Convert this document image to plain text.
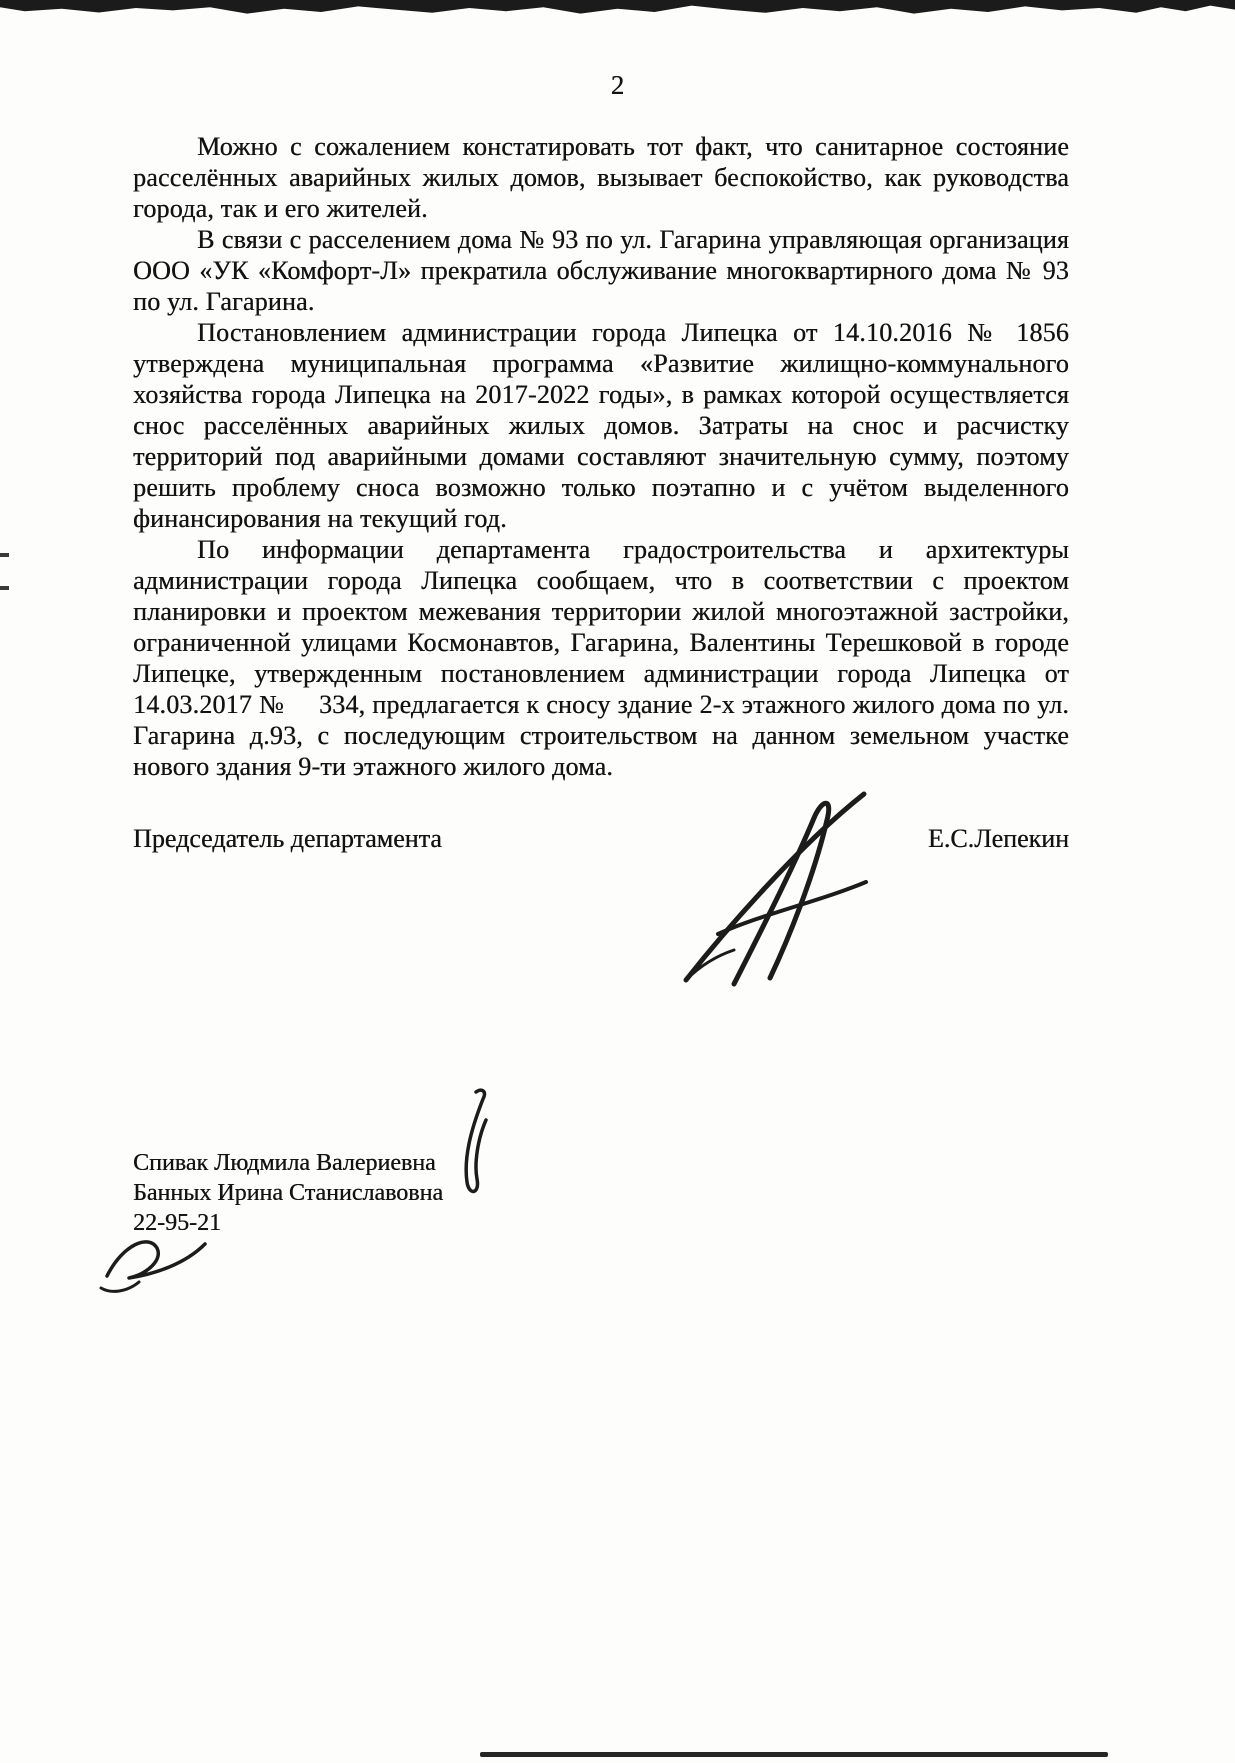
2

Можно с сожалением констатировать тот факт, что санитарное состояние расселённых аварийных жилых домов, вызывает беспокойство, как руководства города, так и его жителей.

В связи с расселением дома № 93 по ул. Гагарина управляющая организация ООО «УК «Комфорт-Л» прекратила обслуживание многоквартирного дома № 93 по ул. Гагарина.

Постановлением администрации города Липецка от 14.10.2016 № 1856 утверждена муниципальная программа «Развитие жилищно-коммунального хозяйства города Липецка на 2017-2022 годы», в рамках которой осуществляется снос расселённых аварийных жилых домов. Затраты на снос и расчистку территорий под аварийными домами составляют значительную сумму, поэтому решить проблему сноса возможно только поэтапно и с учётом выделенного финансирования на текущий год.

По информации департамента градостроительства и архитектуры администрации города Липецка сообщаем, что в соответствии с проектом планировки и проектом межевания территории жилой многоэтажной застройки, ограниченной улицами Космонавтов, Гагарина, Валентины Терешковой в городе Липецке, утвержденным постановлением администрации города Липецка от 14.03.2017 №     334, предлагается к сносу здание 2-х этажного жилого дома по ул. Гагарина д.93, с последующим строительством на данном земельном участке нового здания 9-ти этажного жилого дома.

Председатель департамента	Е.С.Лепекин
Спивак Людмила Валериевна
Банных Ирина Станиславовна
22-95-21
